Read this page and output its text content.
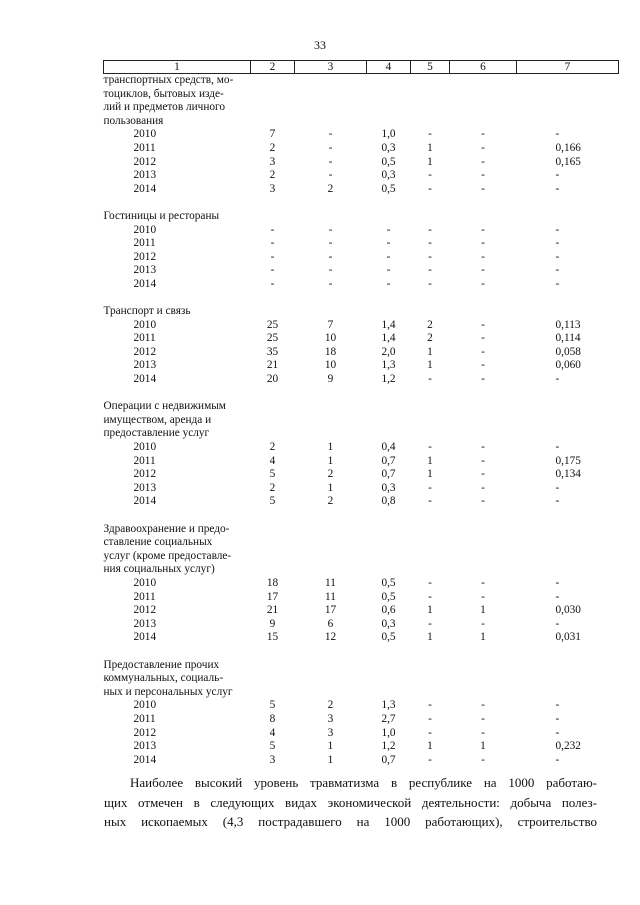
33
1	2	3	4	5	6	7
транспортных средств, мо-						
тоциклов, бытовых изде-						
лий и предметов личного						
пользования						
2010	7	-	1,0	-	-	-
2011	2	-	0,3	1	-	0,166
2012	3	-	0,5	1	-	0,165
2013	2	-	0,3	-	-	-
2014	3	2	0,5	-	-	-

Гостиницы и рестораны						
2010	-	-	-	-	-	-
2011	-	-	-	-	-	-
2012	-	-	-	-	-	-
2013	-	-	-	-	-	-
2014	-	-	-	-	-	-

Транспорт и связь						
2010	25	7	1,4	2	-	0,113
2011	25	10	1,4	2	-	0,114
2012	35	18	2,0	1	-	0,058
2013	21	10	1,3	1	-	0,060
2014	20	9	1,2	-	-	-

Операции с недвижимым						
имуществом, аренда и						
предоставление услуг						
2010	2	1	0,4	-	-	-
2011	4	1	0,7	1	-	0,175
2012	5	2	0,7	1	-	0,134
2013	2	1	0,3	-	-	-
2014	5	2	0,8	-	-	-

Здравоохранение и предо-						
ставление социальных						
услуг (кроме предоставле-						
ния социальных услуг)						
2010	18	11	0,5	-	-	-
2011	17	11	0,5	-	-	-
2012	21	17	0,6	1	1	0,030
2013	9	6	0,3	-	-	-
2014	15	12	0,5	1	1	0,031

Предоставление прочих						
коммунальных, социаль-						
ных и персональных услуг						
2010	5	2	1,3	-	-	-
2011	8	3	2,7	-	-	-
2012	4	3	1,0	-	-	-
2013	5	1	1,2	1	1	0,232
2014	3	1	0,7	-	-	-

Наиболее высокий уровень травматизма в республике на 1000 работаю-

щих отмечен в следующих видах экономической деятельности: добыча полез-
ных ископаемых (4,3 пострадавшего на 1000 работающих), строительство
